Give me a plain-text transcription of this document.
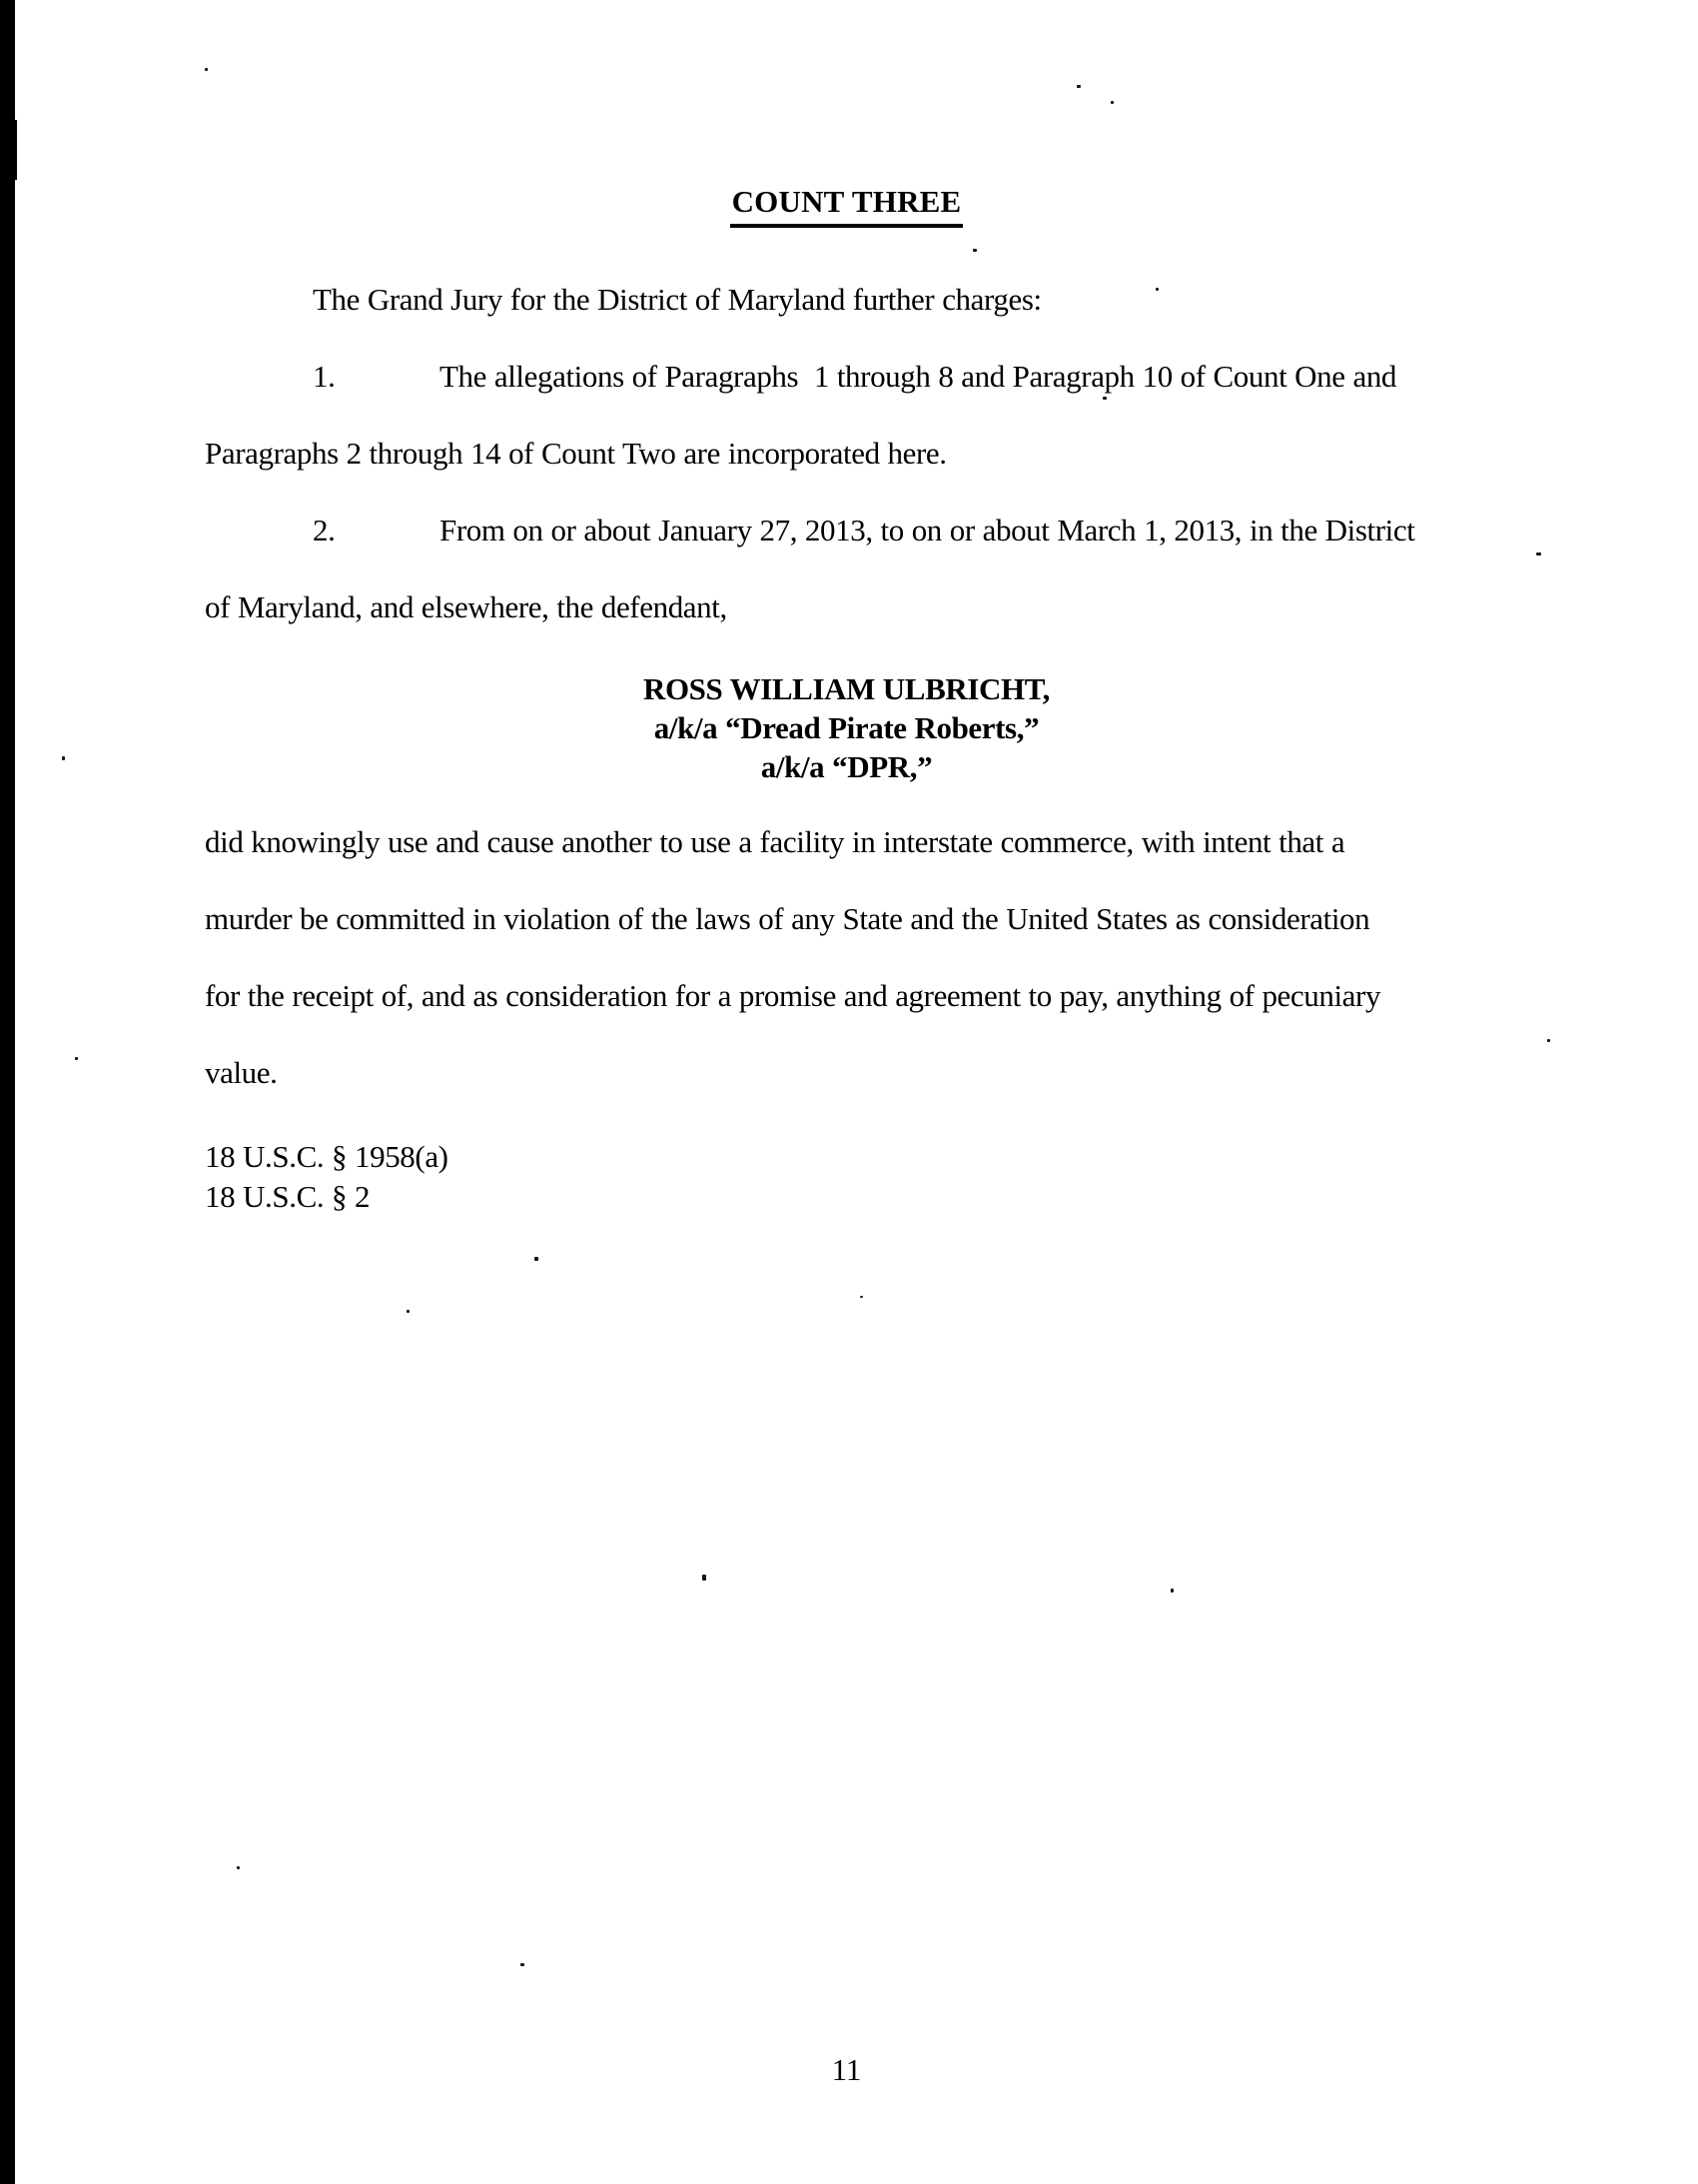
COUNT THREE
The Grand Jury for the District of Maryland further charges:
1.	The allegations of Paragraphs  1 through 8 and Paragraph 10 of Count One and
Paragraphs 2 through 14 of Count Two are incorporated here.
2.	From on or about January 27, 2013, to on or about March 1, 2013, in the District
of Maryland, and elsewhere, the defendant,
ROSS WILLIAM ULBRICHT,
a/k/a “Dread Pirate Roberts,”
a/k/a “DPR,”
did knowingly use and cause another to use a facility in interstate commerce, with intent that a
murder be committed in violation of the laws of any State and the United States as consideration
for the receipt of, and as consideration for a promise and agreement to pay, anything of pecuniary
value.
18 U.S.C. § 1958(a)
18 U.S.C. § 2
11
